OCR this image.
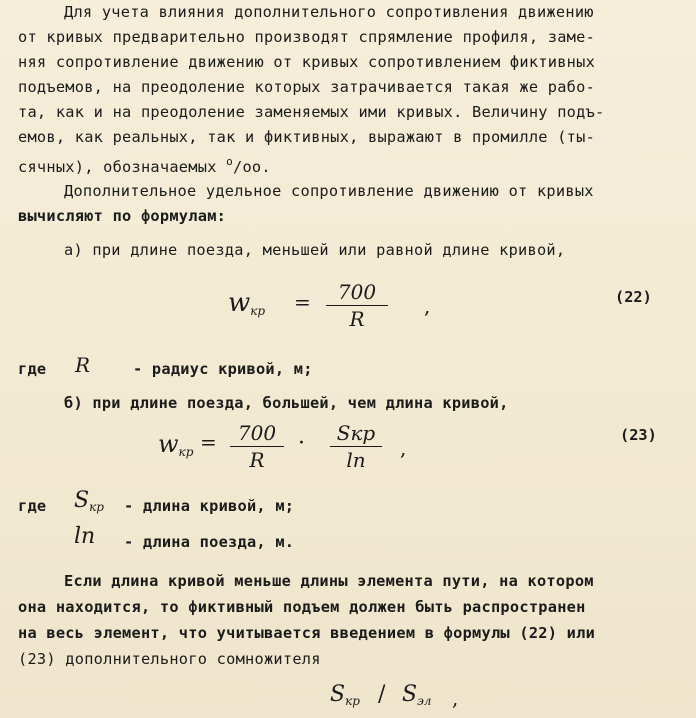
Для учета влияния дополнительного сопротивления движению
от кривых предварительно производят спрямление профиля, заме-
няя сопротивление движению от кривых сопротивлением фиктивных
подъемов, на преодоление которых затрачивается такая же рабо-
та, как и на преодоление заменяемых ими кривых. Величину подъ-
емов, как реальных, так и фиктивных, выражают в промилле (ты-
сячных), обозначаемых $^o$/oo.
Дополнительное удельное сопротивление движению от кривых
вычисляют по формулам:
а) при длине поезда, меньшей или равной длине кривой,
$w_{кр}$ =	700
R
,	(22)
где R	- радиус кривой, м;
б) при длине поезда, большей, чем длина кривой,
$w_{кр}$ =	700
R
·	Sкр
ln	,
(23)
где $S_{кр}$ - длина кривой, м;
ln - длина поезда, м.
Если длина кривой меньше длины элемента пути, на котором
она находится, то фиктивный подъем должен быть распространен
на весь элемент, что учитывается введением в формулы (22) или
(23) дополнительного сомножителя
$S_{кр} / S_{эл}$ ,
